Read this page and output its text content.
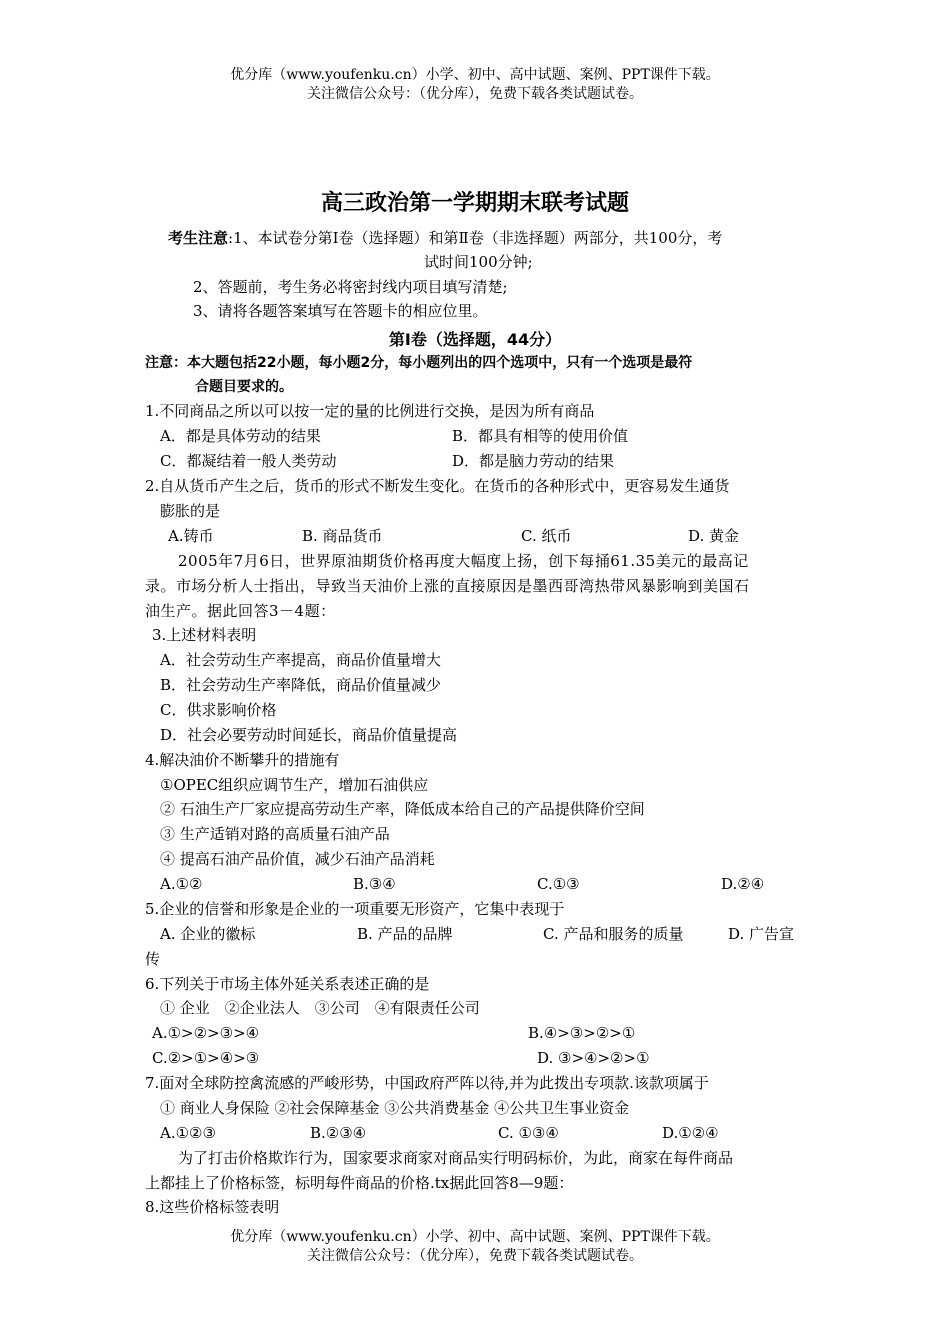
优分库（www.youfenku.cn）小学、初中、高中试题、案例、PPT课件下载。
关注微信公众号：（优分库），免费下载各类试题试卷。
高三政治第一学期期末联考试题
考生注意:1、本试卷分第Ⅰ卷（选择题）和第Ⅱ卷（非选择题）两部分，共100分，考
试时间100分钟;
2、答题前，考生务必将密封线内项目填写清楚;
3、请将各题答案填写在答题卡的相应位里。
第Ⅰ卷（选择题，44分）
注意：本大题包括22小题，每小题2分，每小题列出的四个选项中，只有一个选项是最符
合题目要求的。
1.不同商品之所以可以按一定的量的比例进行交换，是因为所有商品
A．都是具体劳动的结果	B．都具有相等的使用价值
C．都凝结着一般人类劳动	D．都是脑力劳动的结果
2.自从货币产生之后，货币的形式不断发生变化。在货币的各种形式中，更容易发生通货
膨胀的是
A.铸币	B. 商品货币	C. 纸币	D. 黄金
2005年7月6日，世界原油期货价格再度大幅度上扬，创下每捅61.35美元的最高记
录。市场分析人士指出，导致当天油价上涨的直接原因是墨西哥湾热带风暴影响到美国石
油生产。据此回答3－4题：
3.上述材料表明
A．社会劳动生产率提高，商品价值量增大
B．社会劳动生产率降低，商品价值量减少
C．供求影响价格
D．社会必要劳动时间延长，商品价值量提高
4.解决油价不断攀升的措施有
①OPEC组织应调节生产，增加石油供应
② 石油生产厂家应提高劳动生产率，降低成本给自己的产品提供降价空间
③ 生产适销对路的高质量石油产品
④ 提高石油产品价值，减少石油产品消耗
A.①②	B.③④	C.①③	D.②④
5.企业的信誉和形象是企业的一项重要无形资产，它集中表现于
A. 企业的徽标	B. 产品的品牌	C. 产品和服务的质量	D. 广告宣
传
6.下列关于市场主体外延关系表述正确的是
① 企业　②企业法人　③公司　④有限责任公司
A.①>②>③>④	B.④>③>②>①
C.②>①>④>③	D. ③>④>②>①
7.面对全球防控禽流感的严峻形势，中国政府严阵以待,并为此拨出专项款.该款项属于
① 商业人身保险 ②社会保障基金 ③公共消费基金 ④公共卫生事业资金
A.①②③	B.②③④	C. ①③④	D.①②④
为了打击价格欺诈行为，国家要求商家对商品实行明码标价，为此，商家在每件商品
上都挂上了价格标签，标明每件商品的价格.tx据此回答8—9题：
8.这些价格标签表明
优分库（www.youfenku.cn）小学、初中、高中试题、案例、PPT课件下载。
关注微信公众号：（优分库），免费下载各类试题试卷。
